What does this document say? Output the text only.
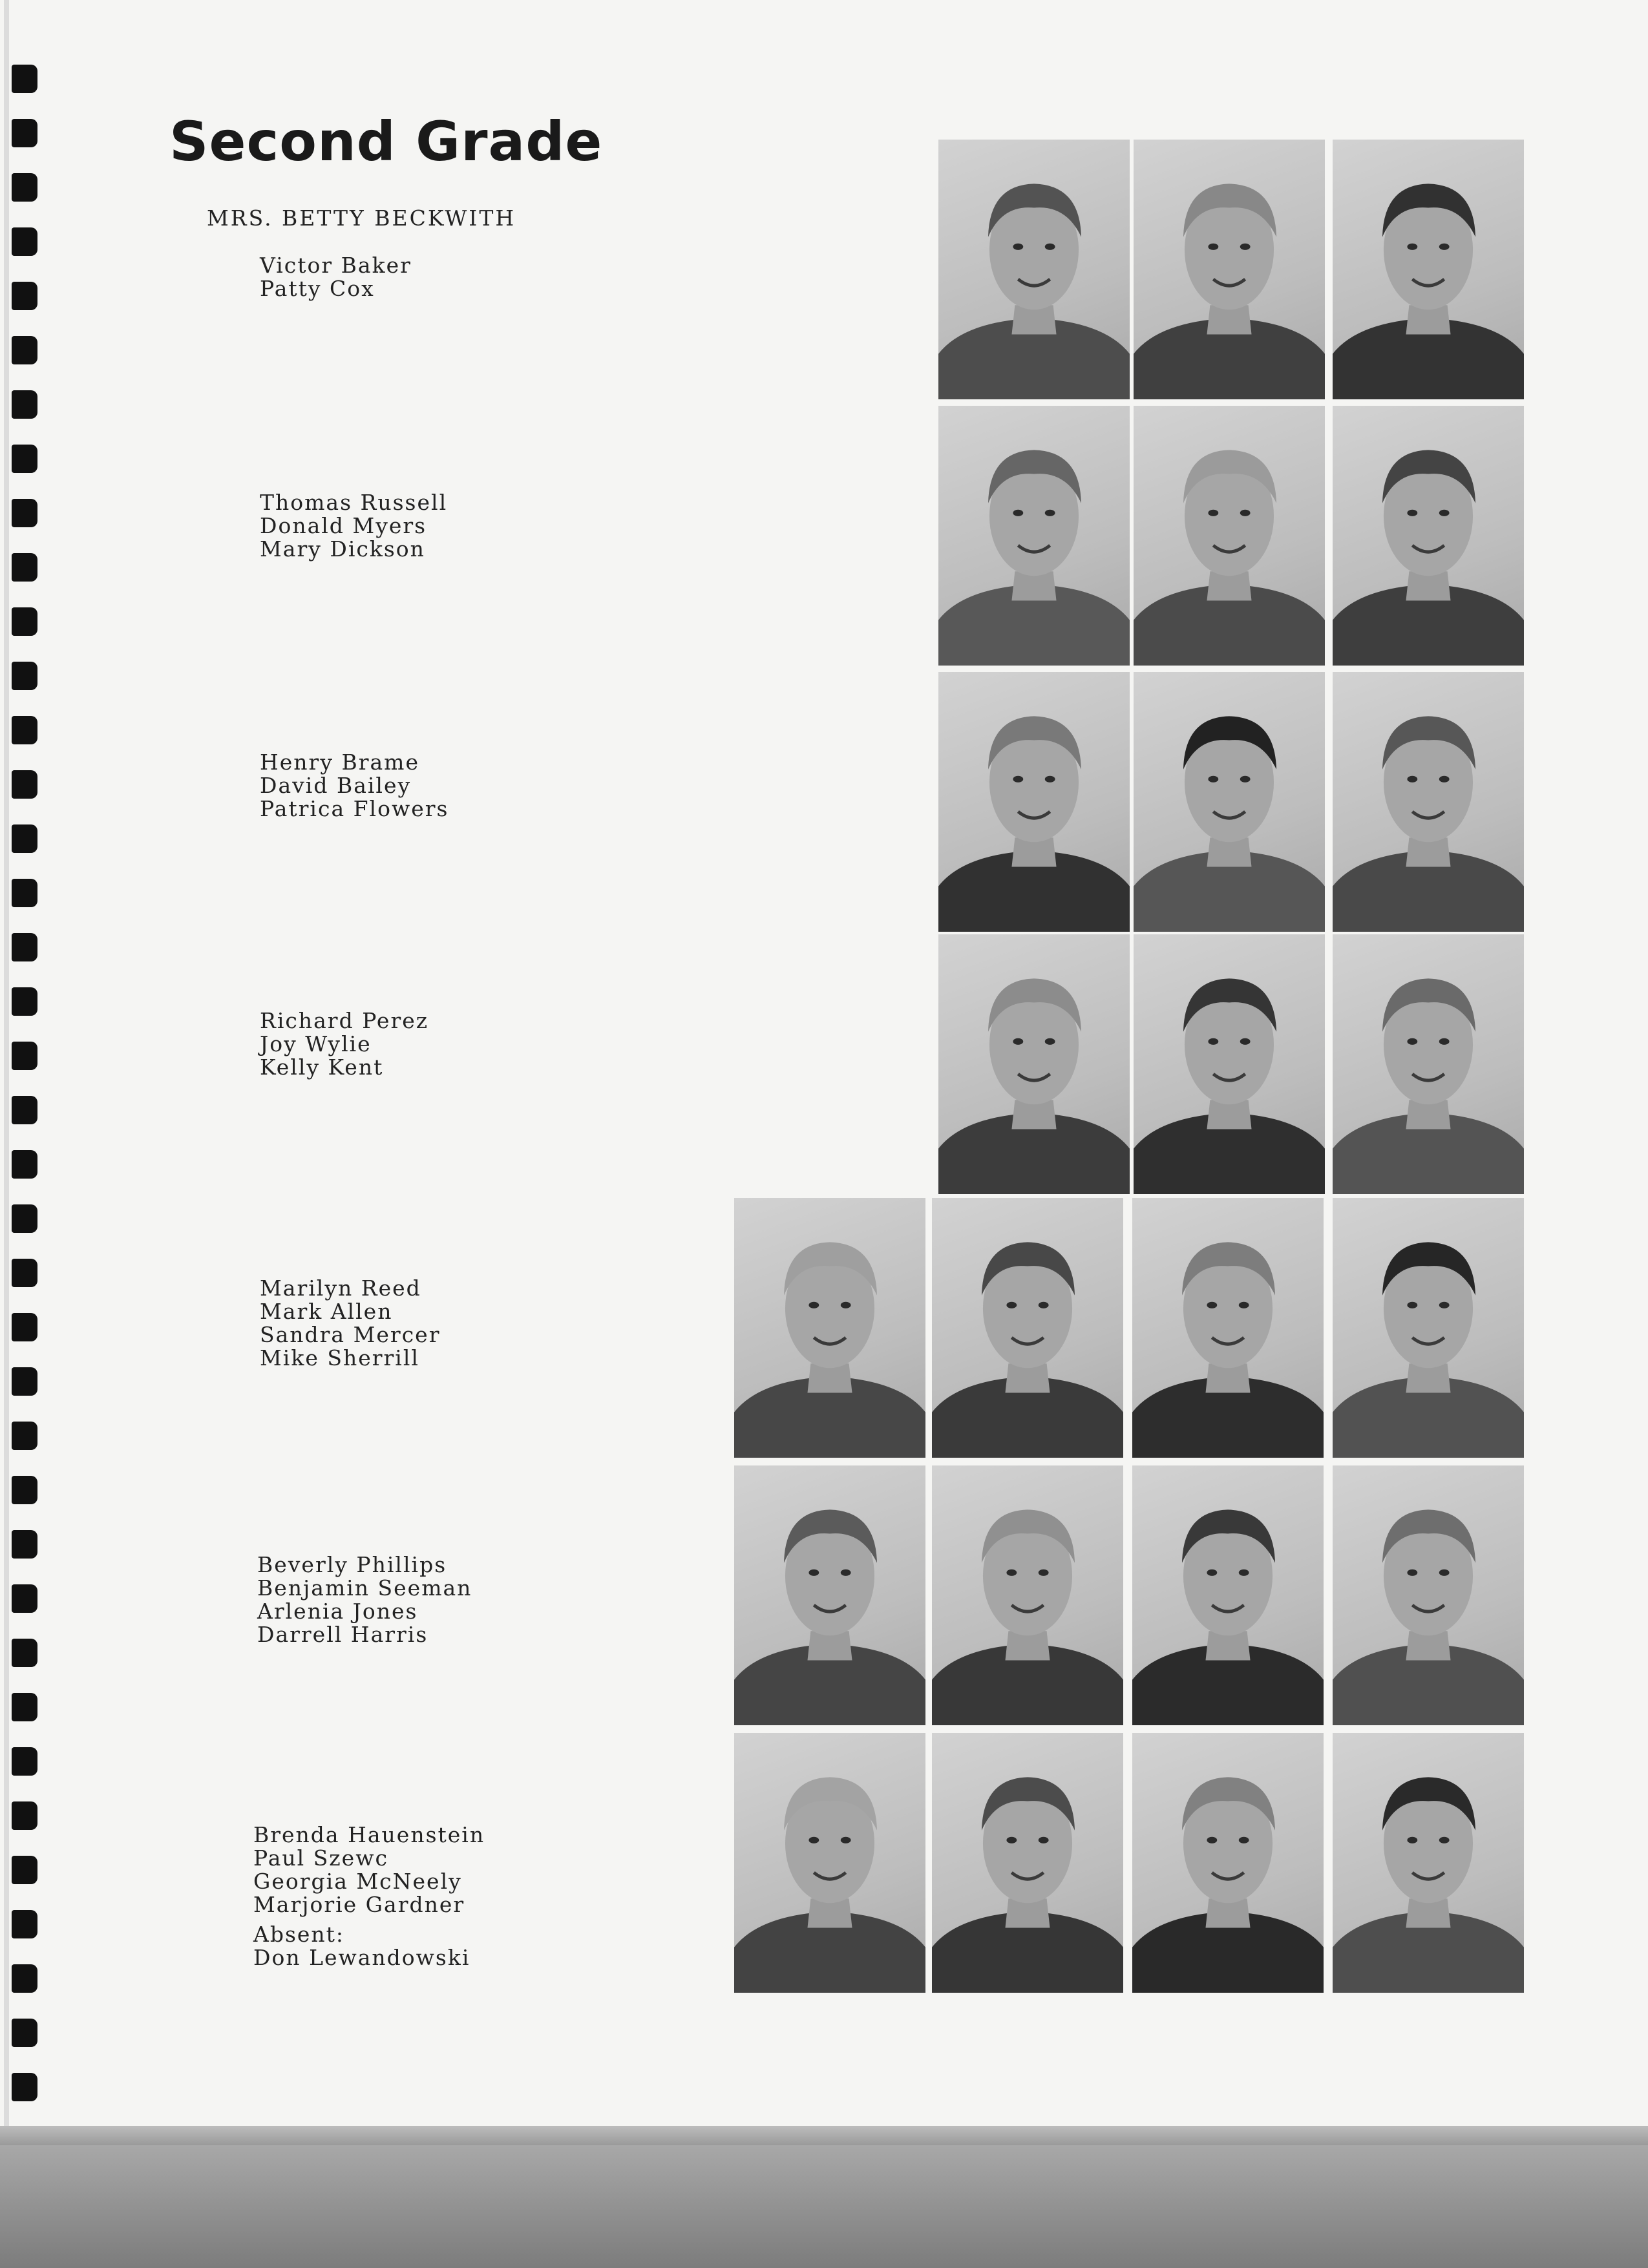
Second Grade
MRS. BETTY BECKWITH
Victor Baker
Patty Cox
Thomas Russell
Donald Myers
Mary Dickson
Henry Brame
David Bailey
Patrica Flowers
Richard Perez
Joy Wylie
Kelly Kent
Marilyn Reed
Mark Allen
Sandra Mercer
Mike Sherrill
Beverly Phillips
Benjamin Seeman
Arlenia Jones
Darrell Harris
Brenda Hauenstein
Paul Szewc
Georgia McNeely
Marjorie Gardner
Absent:
Don Lewandowski
